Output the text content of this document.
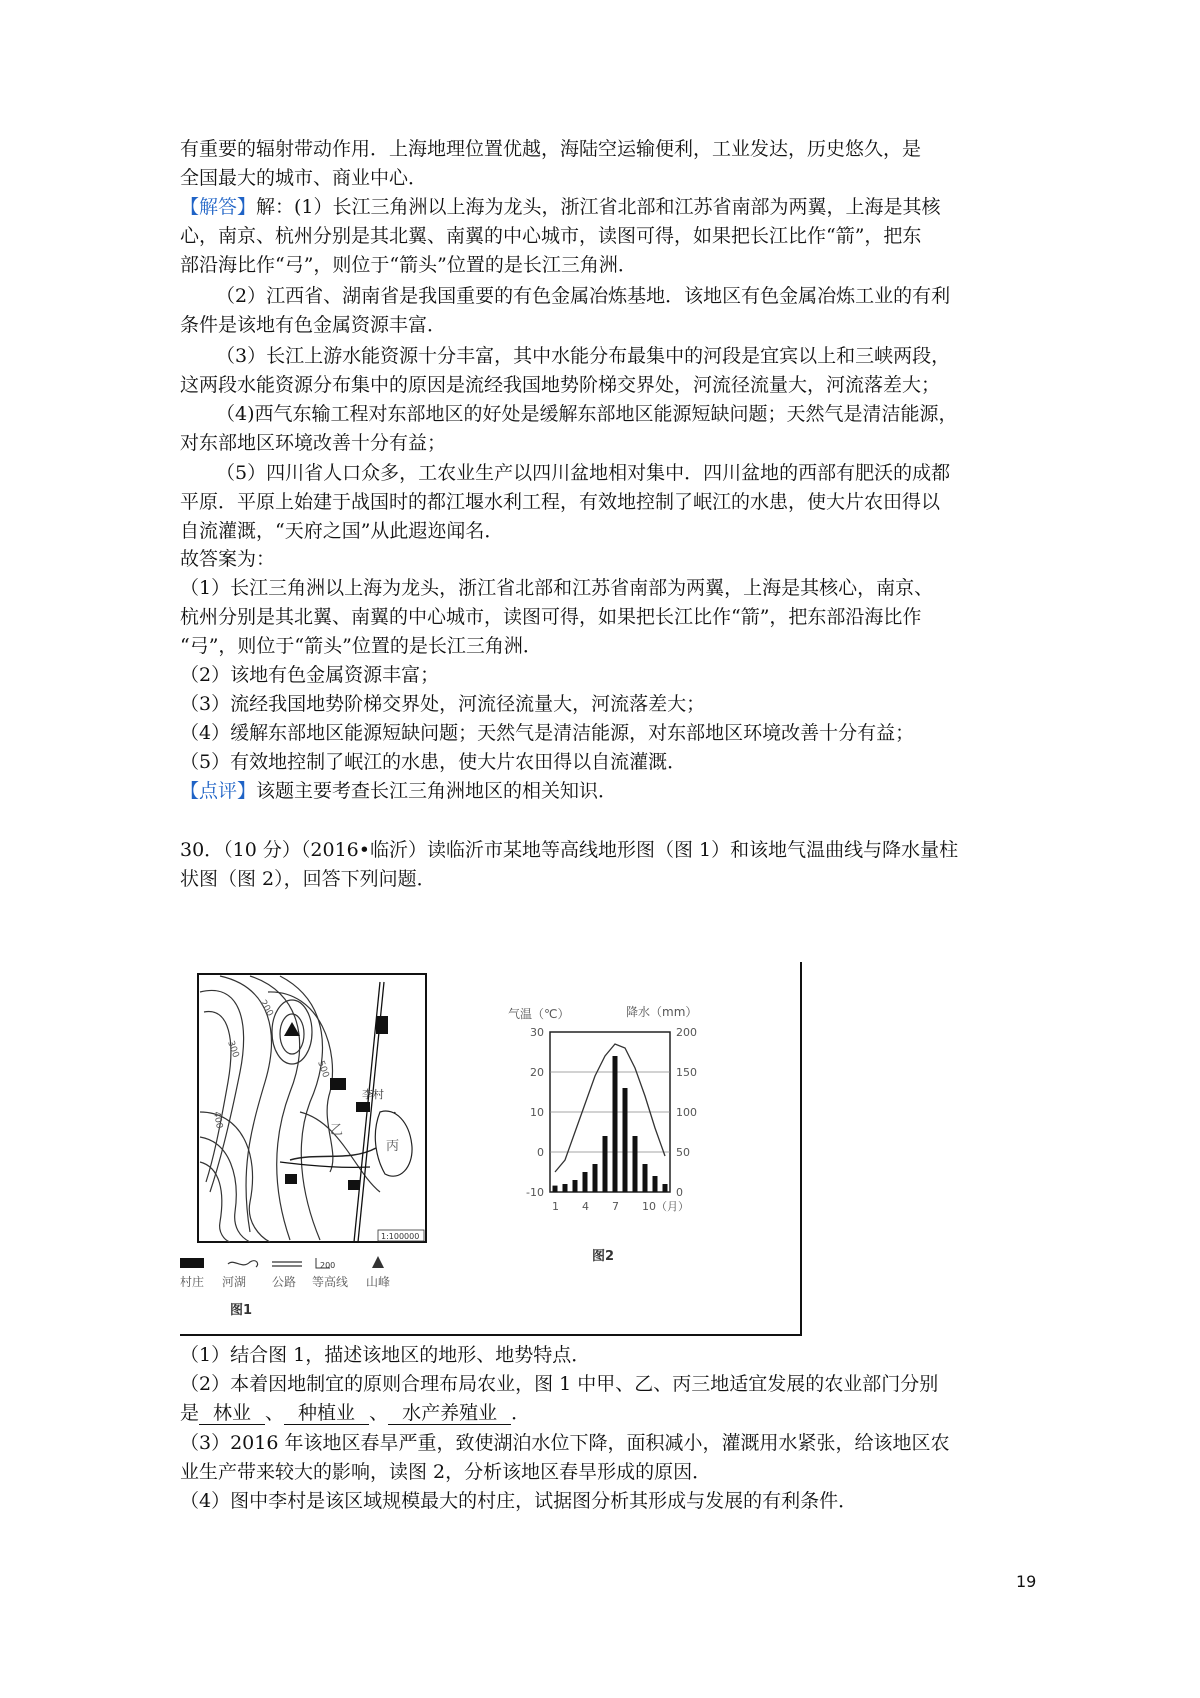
有重要的辐射带动作用．上海地理位置优越，海陆空运输便利，工业发达，历史悠久，是
全国最大的城市、商业中心．
【解答】解：(1）长江三角洲以上海为龙头，浙江省北部和江苏省南部为两翼，上海是其核
心，南京、杭州分别是其北翼、南翼的中心城市，读图可得，如果把长江比作“箭”，把东
部沿海比作“弓”，则位于“箭头”位置的是长江三角洲．
（2）江西省、湖南省是我国重要的有色金属冶炼基地．该地区有色金属冶炼工业的有利
条件是该地有色金属资源丰富．
（3）长江上游水能资源十分丰富，其中水能分布最集中的河段是宜宾以上和三峡两段，
这两段水能资源分布集中的原因是流经我国地势阶梯交界处，河流径流量大，河流落差大；
（4)西气东输工程对东部地区的好处是缓解东部地区能源短缺问题；天然气是清洁能源，
对东部地区环境改善十分有益；
（5）四川省人口众多，工农业生产以四川盆地相对集中．四川盆地的西部有肥沃的成都
平原．平原上始建于战国时的都江堰水利工程，有效地控制了岷江的水患，使大片农田得以
自流灌溉，“天府之国”从此遐迩闻名．
故答案为：
（1）长江三角洲以上海为龙头，浙江省北部和江苏省南部为两翼，上海是其核心，南京、
杭州分别是其北翼、南翼的中心城市，读图可得，如果把长江比作“箭”，把东部沿海比作
“弓”，则位于“箭头”位置的是长江三角洲．
（2）该地有色金属资源丰富；
（3）流经我国地势阶梯交界处，河流径流量大，河流落差大；
（4）缓解东部地区能源短缺问题；天然气是清洁能源，对东部地区环境改善十分有益；
（5）有效地控制了岷江的水患，使大片农田得以自流灌溉．
【点评】该题主要考查长江三角洲地区的相关知识．
30．（10 分）（2016•临沂）读临沂市某地等高线地形图（图 1）和该地气温曲线与降水量柱
状图（图 2），回答下列问题．
李村
乙
丙
200
300
400
500
1:100000
200
村庄 河湖 公路 等高线 山峰
图1
气温（℃）	降水（mm）
30	200
20	150
10	100
0	50
-10	0
1 4 7 10（月）
图2
（1）结合图 1，描述该地区的地形、地势特点．
（2）本着因地制宜的原则合理布局农业，图 1 中甲、乙、丙三地适宜发展的农业部门分别
是 林业 、 种植业 、 水产养殖业 ．
（3）2016 年该地区春旱严重，致使湖泊水位下降，面积减小，灌溉用水紧张，给该地区农
业生产带来较大的影响，读图 2，分析该地区春旱形成的原因．
（4）图中李村是该区域规模最大的村庄，试据图分析其形成与发展的有利条件．
19
